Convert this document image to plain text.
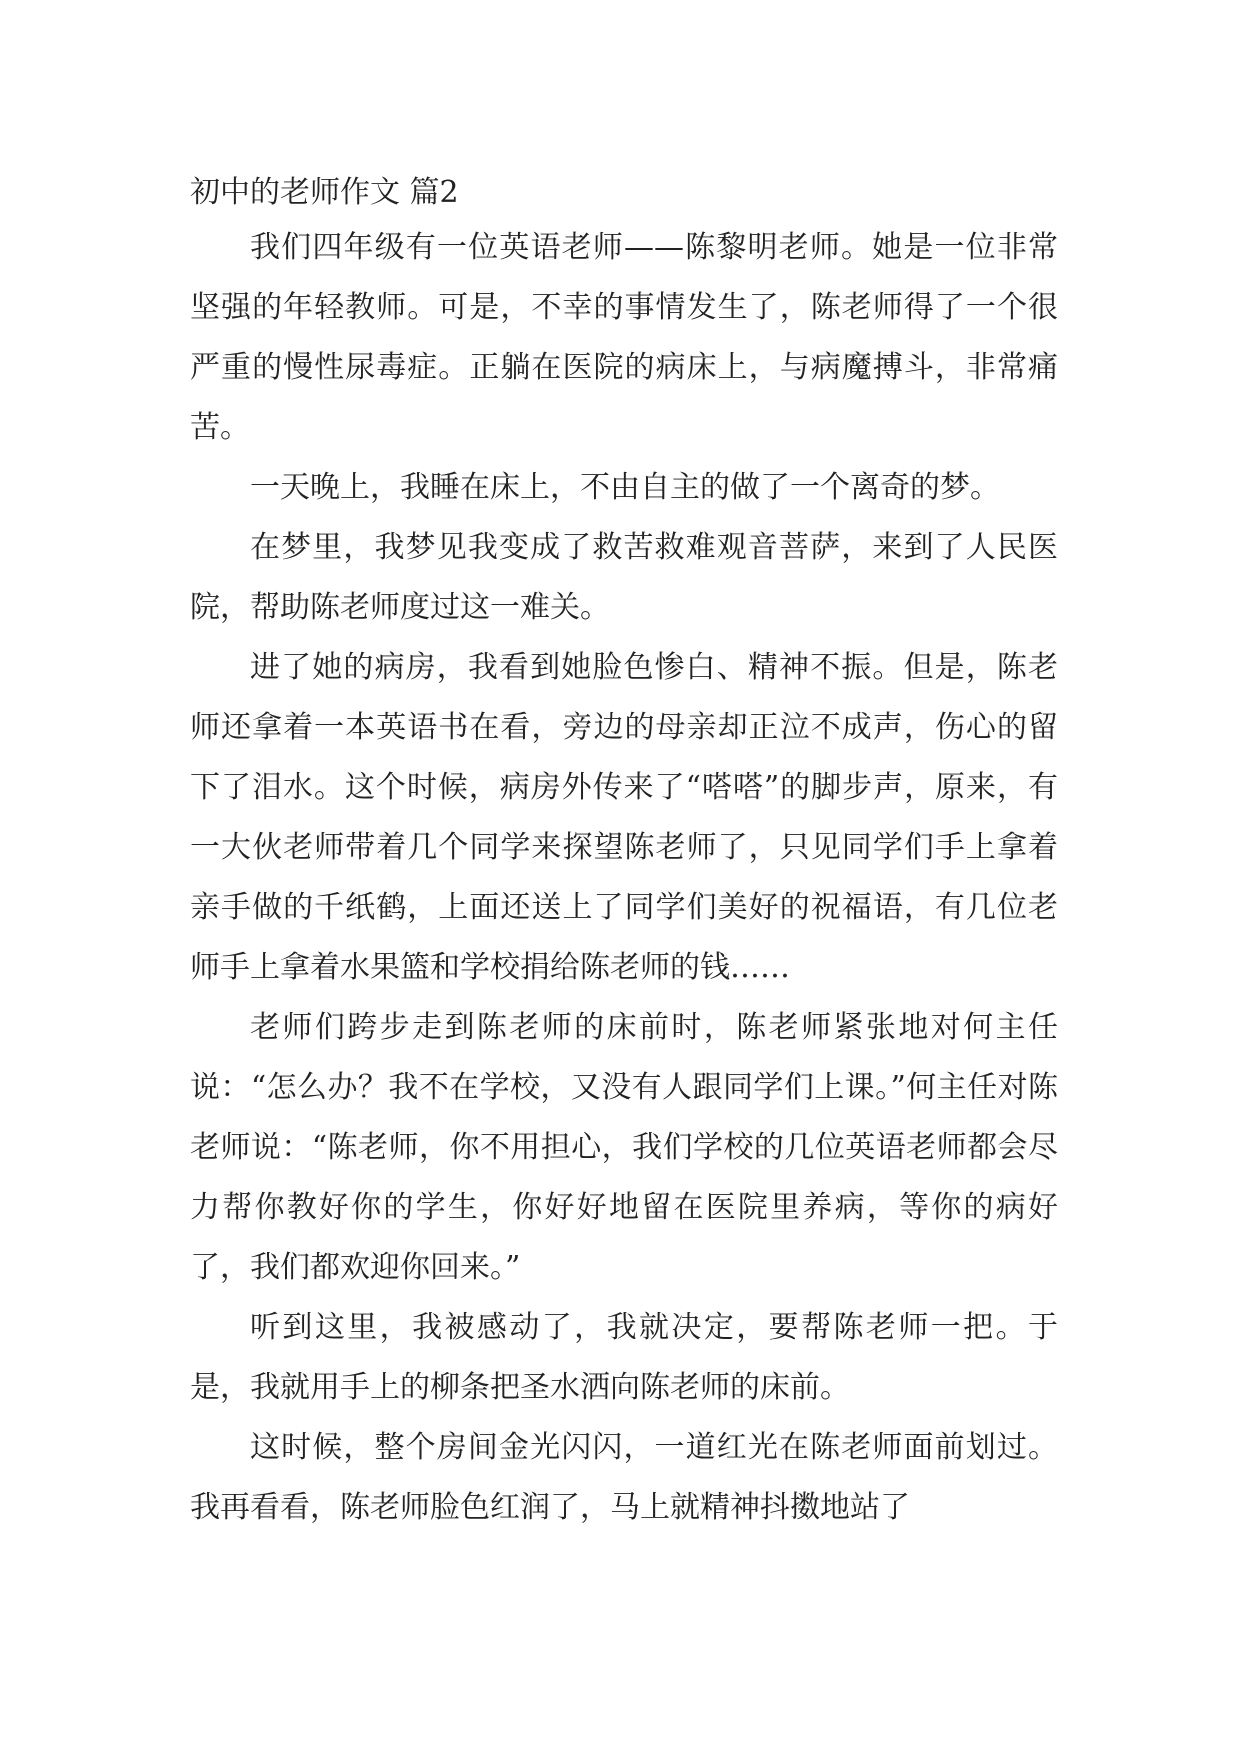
初中的老师作文 篇2

我们四年级有一位英语老师——陈黎明老师。她是一位非常坚强的年轻教师。可是，不幸的事情发生了，陈老师得了一个很严重的慢性尿毒症。正躺在医院的病床上，与病魔搏斗，非常痛苦。

一天晚上，我睡在床上，不由自主的做了一个离奇的梦。

在梦里，我梦见我变成了救苦救难观音菩萨，来到了人民医院，帮助陈老师度过这一难关。

进了她的病房，我看到她脸色惨白、精神不振。但是，陈老师还拿着一本英语书在看，旁边的母亲却正泣不成声，伤心的留下了泪水。这个时候，病房外传来了“嗒嗒”的脚步声，原来，有一大伙老师带着几个同学来探望陈老师了，只见同学们手上拿着亲手做的千纸鹤，上面还送上了同学们美好的祝福语，有几位老师手上拿着水果篮和学校捐给陈老师的钱……

老师们跨步走到陈老师的床前时，陈老师紧张地对何主任说：“怎么办？我不在学校，又没有人跟同学们上课。”何主任对陈老师说：“陈老师，你不用担心，我们学校的几位英语老师都会尽力帮你教好你的学生，你好好地留在医院里养病，等你的病好了，我们都欢迎你回来。”

听到这里，我被感动了，我就决定，要帮陈老师一把。于是，我就用手上的柳条把圣水洒向陈老师的床前。

这时候，整个房间金光闪闪，一道红光在陈老师面前划过。我再看看，陈老师脸色红润了，马上就精神抖擞地站了
